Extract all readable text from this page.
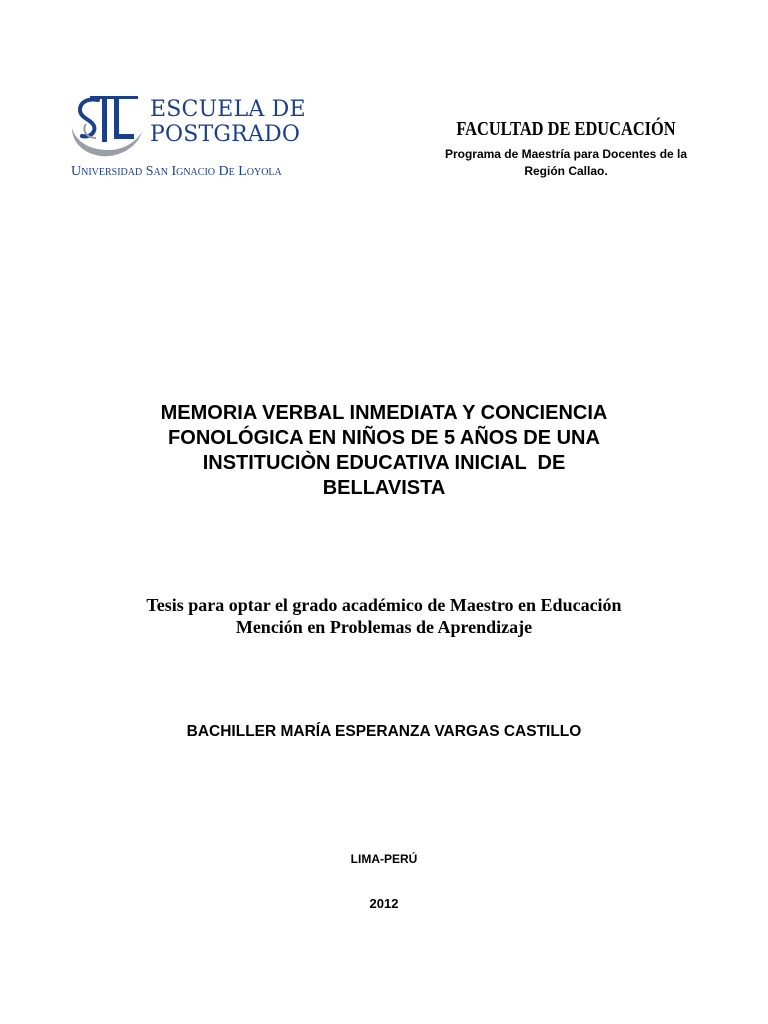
ESCUELA DE
POSTGRADO
Universidad San Ignacio De Loyola
FACULTAD DE EDUCACIÓN
Programa de Maestría para Docentes de la
Región Callao.
MEMORIA VERBAL INMEDIATA Y CONCIENCIA
FONOLÓGICA EN NIÑOS DE 5 AÑOS DE UNA
INSTITUCIÒN EDUCATIVA INICIAL  DE
BELLAVISTA
Tesis para optar el grado académico de Maestro en Educación
Mención en Problemas de Aprendizaje
BACHILLER MARÍA ESPERANZA VARGAS CASTILLO
LIMA-PERÚ
2012
